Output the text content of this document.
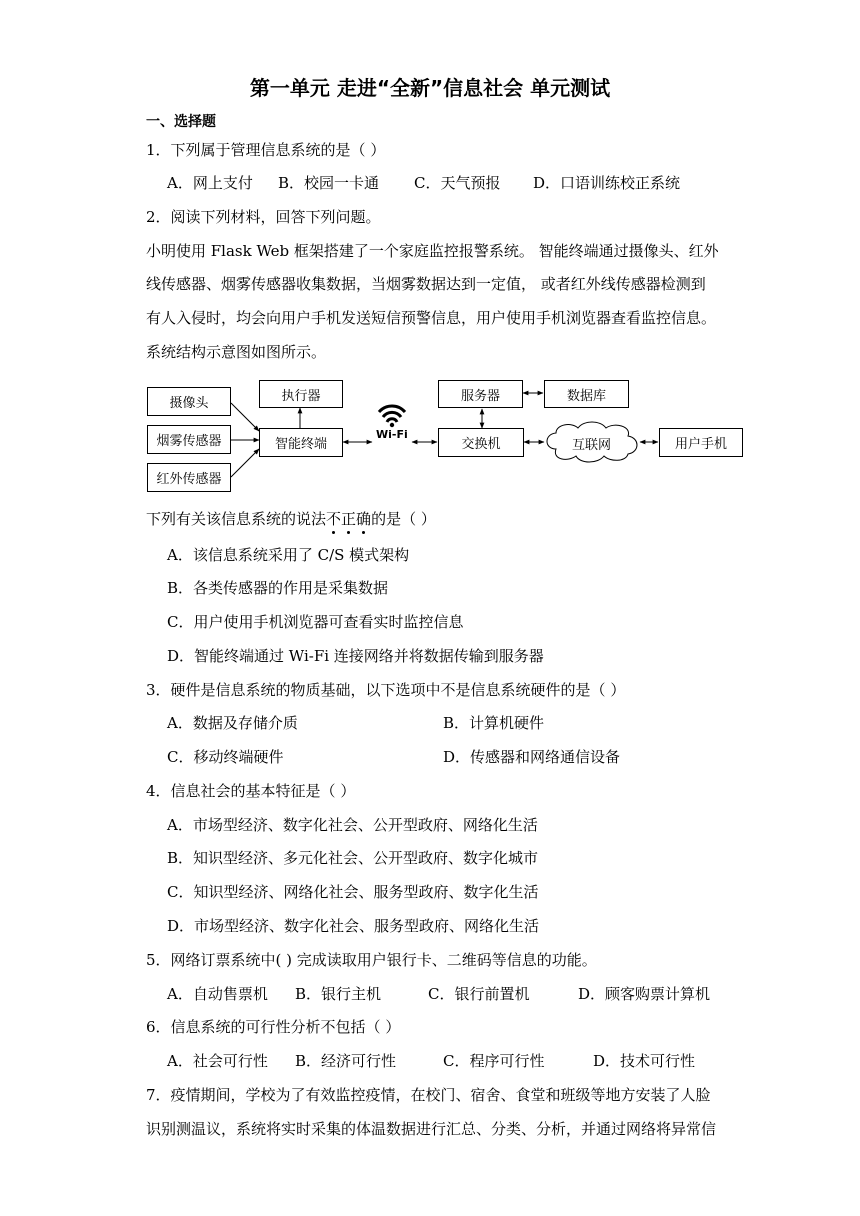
第一单元 走进“全新”信息社会 单元测试
一、选择题
1．下列属于管理信息系统的是（ ）
A．网上支付 B．校园一卡通 C．天气预报 D．口语训练校正系统
2．阅读下列材料，回答下列问题。
小明使用 Flask Web 框架搭建了一个家庭监控报警系统。 智能终端通过摄像头、红外
线传感器、烟雾传感器收集数据，当烟雾数据达到一定值， 或者红外线传感器检测到
有人入侵时，均会向用户手机发送短信预警信息，用户使用手机浏览器查看监控信息。
系统结构示意图如图所示。
摄像头
烟雾传感器
红外传感器
执行器
智能终端
Wi-Fi
服务器	数据库
交换机	互联网	用户手机
下列有关该信息系统的说法不正确的是（ ）
A．该信息系统采用了 C/S 模式架构
B．各类传感器的作用是采集数据
C．用户使用手机浏览器可查看实时监控信息
D．智能终端通过 Wi-Fi 连接网络并将数据传输到服务器
3．硬件是信息系统的物质基础，以下选项中不是信息系统硬件的是（ ）
A．数据及存储介质	B．计算机硬件
C．移动终端硬件	D．传感器和网络通信设备
4．信息社会的基本特征是（ ）
A．市场型经济、数字化社会、公开型政府、网络化生活
B．知识型经济、多元化社会、公开型政府、数字化城市
C．知识型经济、网络化社会、服务型政府、数字化生活
D．市场型经济、数字化社会、服务型政府、网络化生活
5．网络订票系统中( ) 完成读取用户银行卡、二维码等信息的功能。
A．自动售票机 B．银行主机	C．银行前置机	D．顾客购票计算机
6．信息系统的可行性分析不包括（ ）
A．社会可行性 B．经济可行性	C．程序可行性	D．技术可行性
7．疫情期间，学校为了有效监控疫情，在校门、宿舍、食堂和班级等地方安装了人脸
识别测温议，系统将实时采集的体温数据进行汇总、分类、分析，并通过网络将异常信
